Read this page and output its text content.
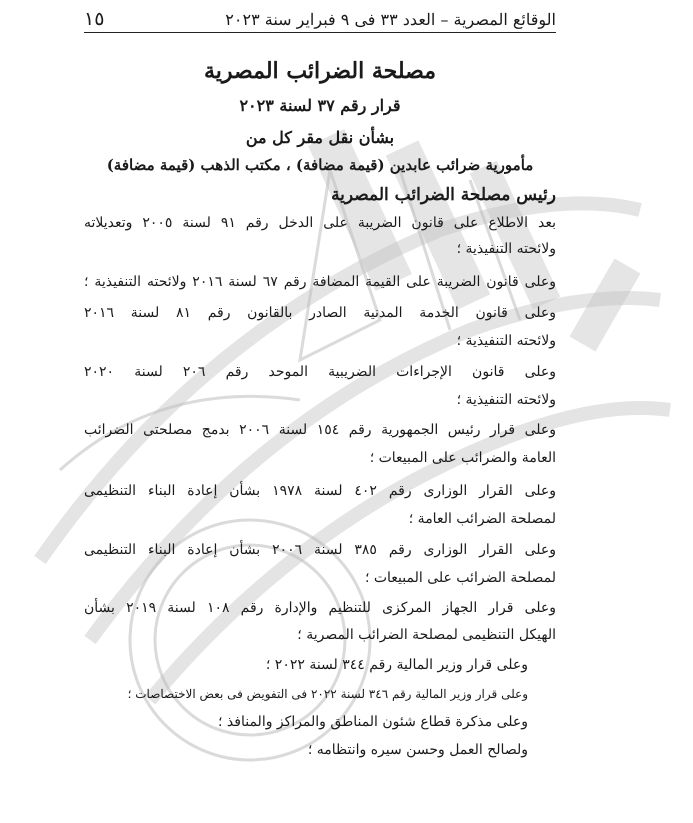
الوقائع المصرية – العدد ٣٣ فى ٩ فبراير سنة ٢٠٢٣
١٥
مصلحة الضرائب المصرية
قرار رقم ٣٧ لسنة ٢٠٢٣
بشأن نقل مقر كل من
مأمورية ضرائب عابدين (قيمة مضافة) ، مكتب الذهب (قيمة مضافة)
رئيس مصلحة الضرائب المصرية
بعد الاطلاع على قانون الضريبة على الدخل رقم ٩١ لسنة ٢٠٠٥ وتعديلاته
ولائحته التنفيذية ؛
وعلى قانون الضريبة على القيمة المضافة رقم ٦٧ لسنة ٢٠١٦ ولائحته التنفيذية ؛
وعلى قانون الخدمة المدنية الصادر بالقانون رقم ٨١ لسنة ٢٠١٦
ولائحته التنفيذية ؛
وعلى قانون الإجراءات الضريبية الموحد رقم ٢٠٦ لسنة ٢٠٢٠
ولائحته التنفيذية ؛
وعلى قرار رئيس الجمهورية رقم ١٥٤ لسنة ٢٠٠٦ بدمج مصلحتى الضرائب
العامة والضرائب على المبيعات ؛
وعلى القرار الوزارى رقم ٤٠٢ لسنة ١٩٧٨ بشأن إعادة البناء التنظيمى
لمصلحة الضرائب العامة ؛
وعلى القرار الوزارى رقم ٣٨٥ لسنة ٢٠٠٦ بشأن إعادة البناء التنظيمى
لمصلحة الضرائب على المبيعات ؛
وعلى قرار الجهاز المركزى للتنظيم والإدارة رقم ١٠٨ لسنة ٢٠١٩ بشأن
الهيكل التنظيمى لمصلحة الضرائب المصرية ؛
وعلى قرار وزير المالية رقم ٣٤٤ لسنة ٢٠٢٢ ؛
وعلى قرار وزير المالية رقم ٣٤٦ لسنة ٢٠٢٢ فى التفويض فى بعض الاختصاصات ؛
وعلى مذكرة قطاع شئون المناطق والمراكز والمنافذ ؛
ولصالح العمل وحسن سيره وانتظامه ؛
